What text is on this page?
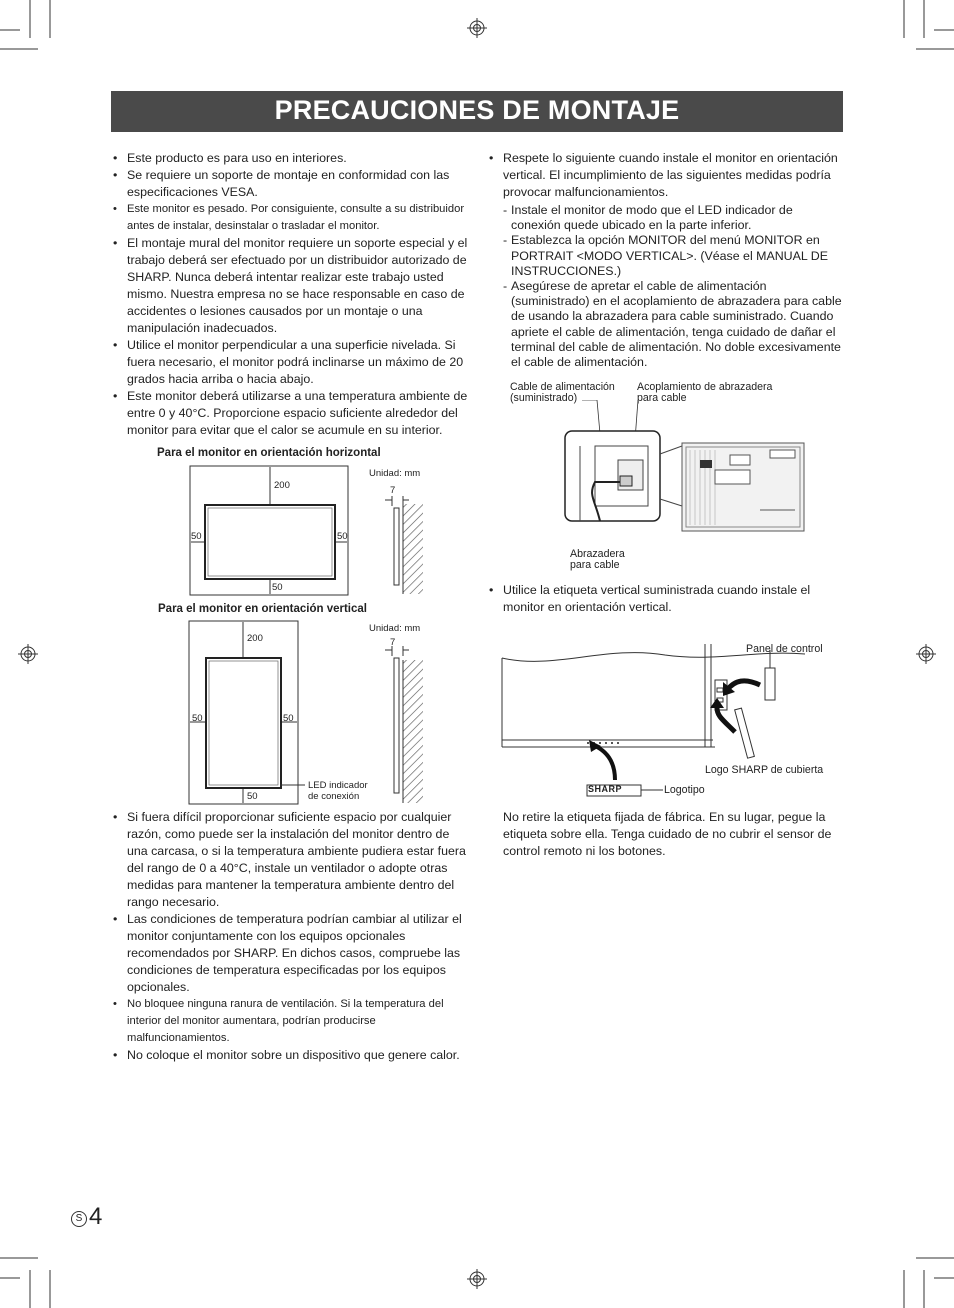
PRECAUCIONES DE MONTAJE
• Este producto es para uso en interiores.
• Se requiere un soporte de montaje en conformidad con las especificaciones VESA.
• Este monitor es pesado. Por consiguiente, consulte a su distribuidor antes de instalar, desinstalar o trasladar el monitor.
• El montaje mural del monitor requiere un soporte especial y el trabajo deberá ser efectuado por un distribuidor autorizado de SHARP. Nunca deberá intentar realizar este trabajo usted mismo. Nuestra empresa no se hace responsable en caso de accidentes o lesiones causados por un montaje o una manipulación inadecuados.
• Utilice el monitor perpendicular a una superficie nivelada. Si fuera necesario, el monitor podrá inclinarse un máximo de 20 grados hacia arriba o hacia abajo.
• Este monitor deberá utilizarse a una temperatura ambiente de entre 0 y 40°C. Proporcione espacio suficiente alrededor del monitor para evitar que el calor se acumule en su interior.
Para el monitor en orientación horizontal
Unidad: mm
200
50	50
50
7
Para el monitor en orientación vertical
Unidad: mm
200
50	50
50
7
LED indicador
de conexión
• Si fuera difícil proporcionar suficiente espacio por cualquier razón, como puede ser la instalación del monitor dentro de una carcasa, o si la temperatura ambiente pudiera estar fuera del rango de 0 a 40°C, instale un ventilador o adopte otras medidas para mantener la temperatura ambiente dentro del rango necesario.
• Las condiciones de temperatura podrían cambiar al utilizar el monitor conjuntamente con los equipos opcionales recomendados por SHARP. En dichos casos, compruebe las condiciones de temperatura especificadas por los equipos opcionales.
• No bloquee ninguna ranura de ventilación. Si la temperatura del interior del monitor aumentara, podrían producirse malfuncionamientos.
• No coloque el monitor sobre un dispositivo que genere calor.
• Respete lo siguiente cuando instale el monitor en orientación vertical. El incumplimiento de las siguientes medidas podría provocar malfuncionamientos.
- Instale el monitor de modo que el LED indicador de conexión quede ubicado en la parte inferior.
- Establezca la opción MONITOR del menú MONITOR en PORTRAIT <MODO VERTICAL>. (Véase el MANUAL DE INSTRUCCIONES.)
- Asegúrese de apretar el cable de alimentación (suministrado) en el acoplamiento de abrazadera para cable de usando la abrazadera para cable suministrado. Cuando apriete el cable de alimentación, tenga cuidado de dañar el terminal del cable de alimentación. No doble excesivamente el cable de alimentación.
Cable de alimentación
(suministrado)
Acoplamiento de abrazadera
para cable
Abrazadera
para cable
• Utilice la etiqueta vertical suministrada cuando instale el monitor en orientación vertical.
Panel de control
Logo SHARP de cubierta
SHARP	Logotipo
No retire la etiqueta fijada de fábrica. En su lugar, pegue la etiqueta sobre ella. Tenga cuidado de no cubrir el sensor de control remoto ni los botones.
S 4
